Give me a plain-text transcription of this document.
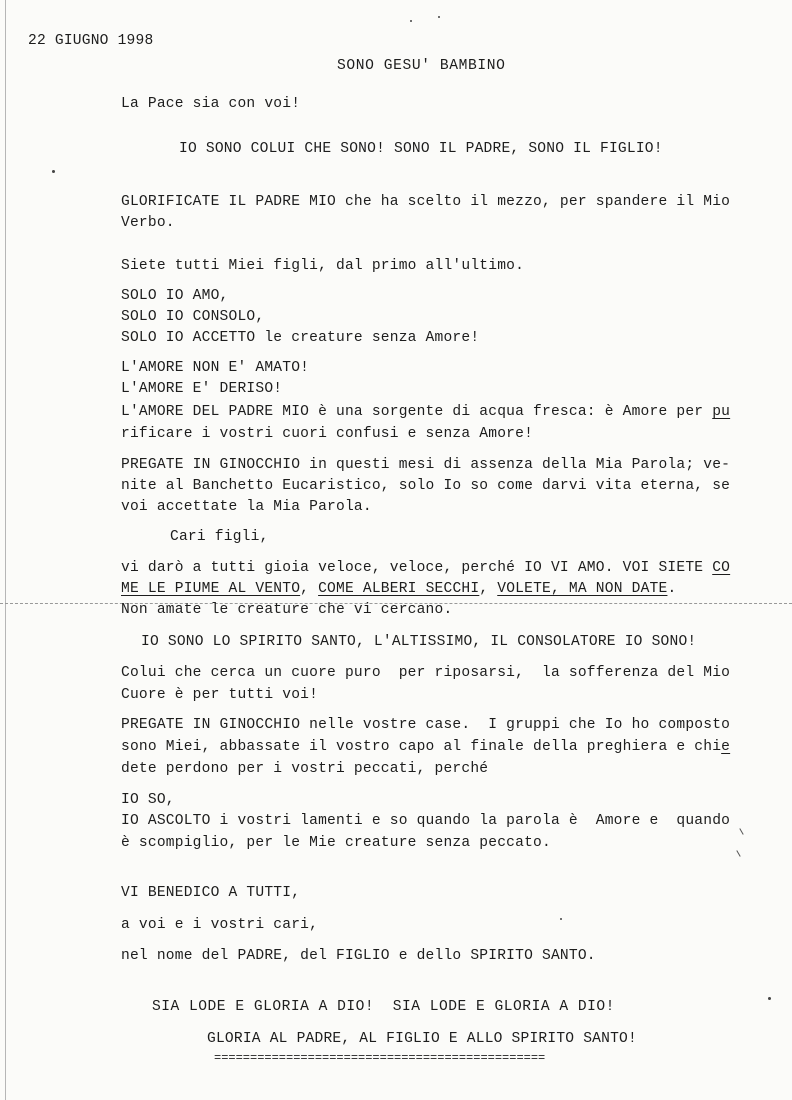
22 GIUGNO 1998
SONO GESU' BAMBINO
La Pace sia con voi!
IO SONO COLUI CHE SONO! SONO IL PADRE, SONO IL FIGLIO!
GLORIFICATE IL PADRE MIO che ha scelto il mezzo, per spandere il Mio
Verbo.
Siete tutti Miei figli, dal primo all'ultimo.
SOLO IO AMO,
SOLO IO CONSOLO,
SOLO IO ACCETTO le creature senza Amore!
L'AMORE NON E' AMATO!
L'AMORE E' DERISO!
L'AMORE DEL PADRE MIO è una sorgente di acqua fresca: è Amore per pu
rificare i vostri cuori confusi e senza Amore!
PREGATE IN GINOCCHIO in questi mesi di assenza della Mia Parola; ve-
nite al Banchetto Eucaristico, solo Io so come darvi vita eterna, se
voi accettate la Mia Parola.
Cari figli,
vi darò a tutti gioia veloce, veloce, perché IO VI AMO. VOI SIETE CO
ME LE PIUME AL VENTO, COME ALBERI SECCHI, VOLETE, MA NON DATE.
Non amate le creature che vi cercano.
IO SONO LO SPIRITO SANTO, L'ALTISSIMO, IL CONSOLATORE IO SONO!
Colui che cerca un cuore puro  per riposarsi,  la sofferenza del Mio
Cuore è per tutti voi!
PREGATE IN GINOCCHIO nelle vostre case.  I gruppi che Io ho composto
sono Miei, abbassate il vostro capo al finale della preghiera e chie
dete perdono per i vostri peccati, perché
IO SO,
IO ASCOLTO i vostri lamenti e so quando la parola è  Amore e  quando
è scompiglio, per le Mie creature senza peccato.
VI BENEDICO A TUTTI,
a voi e i vostri cari,
nel nome del PADRE, del FIGLIO e dello SPIRITO SANTO.
SIA LODE E GLORIA A DIO!  SIA LODE E GLORIA A DIO!
GLORIA AL PADRE, AL FIGLIO E ALLO SPIRITO SANTO!
==============================================
